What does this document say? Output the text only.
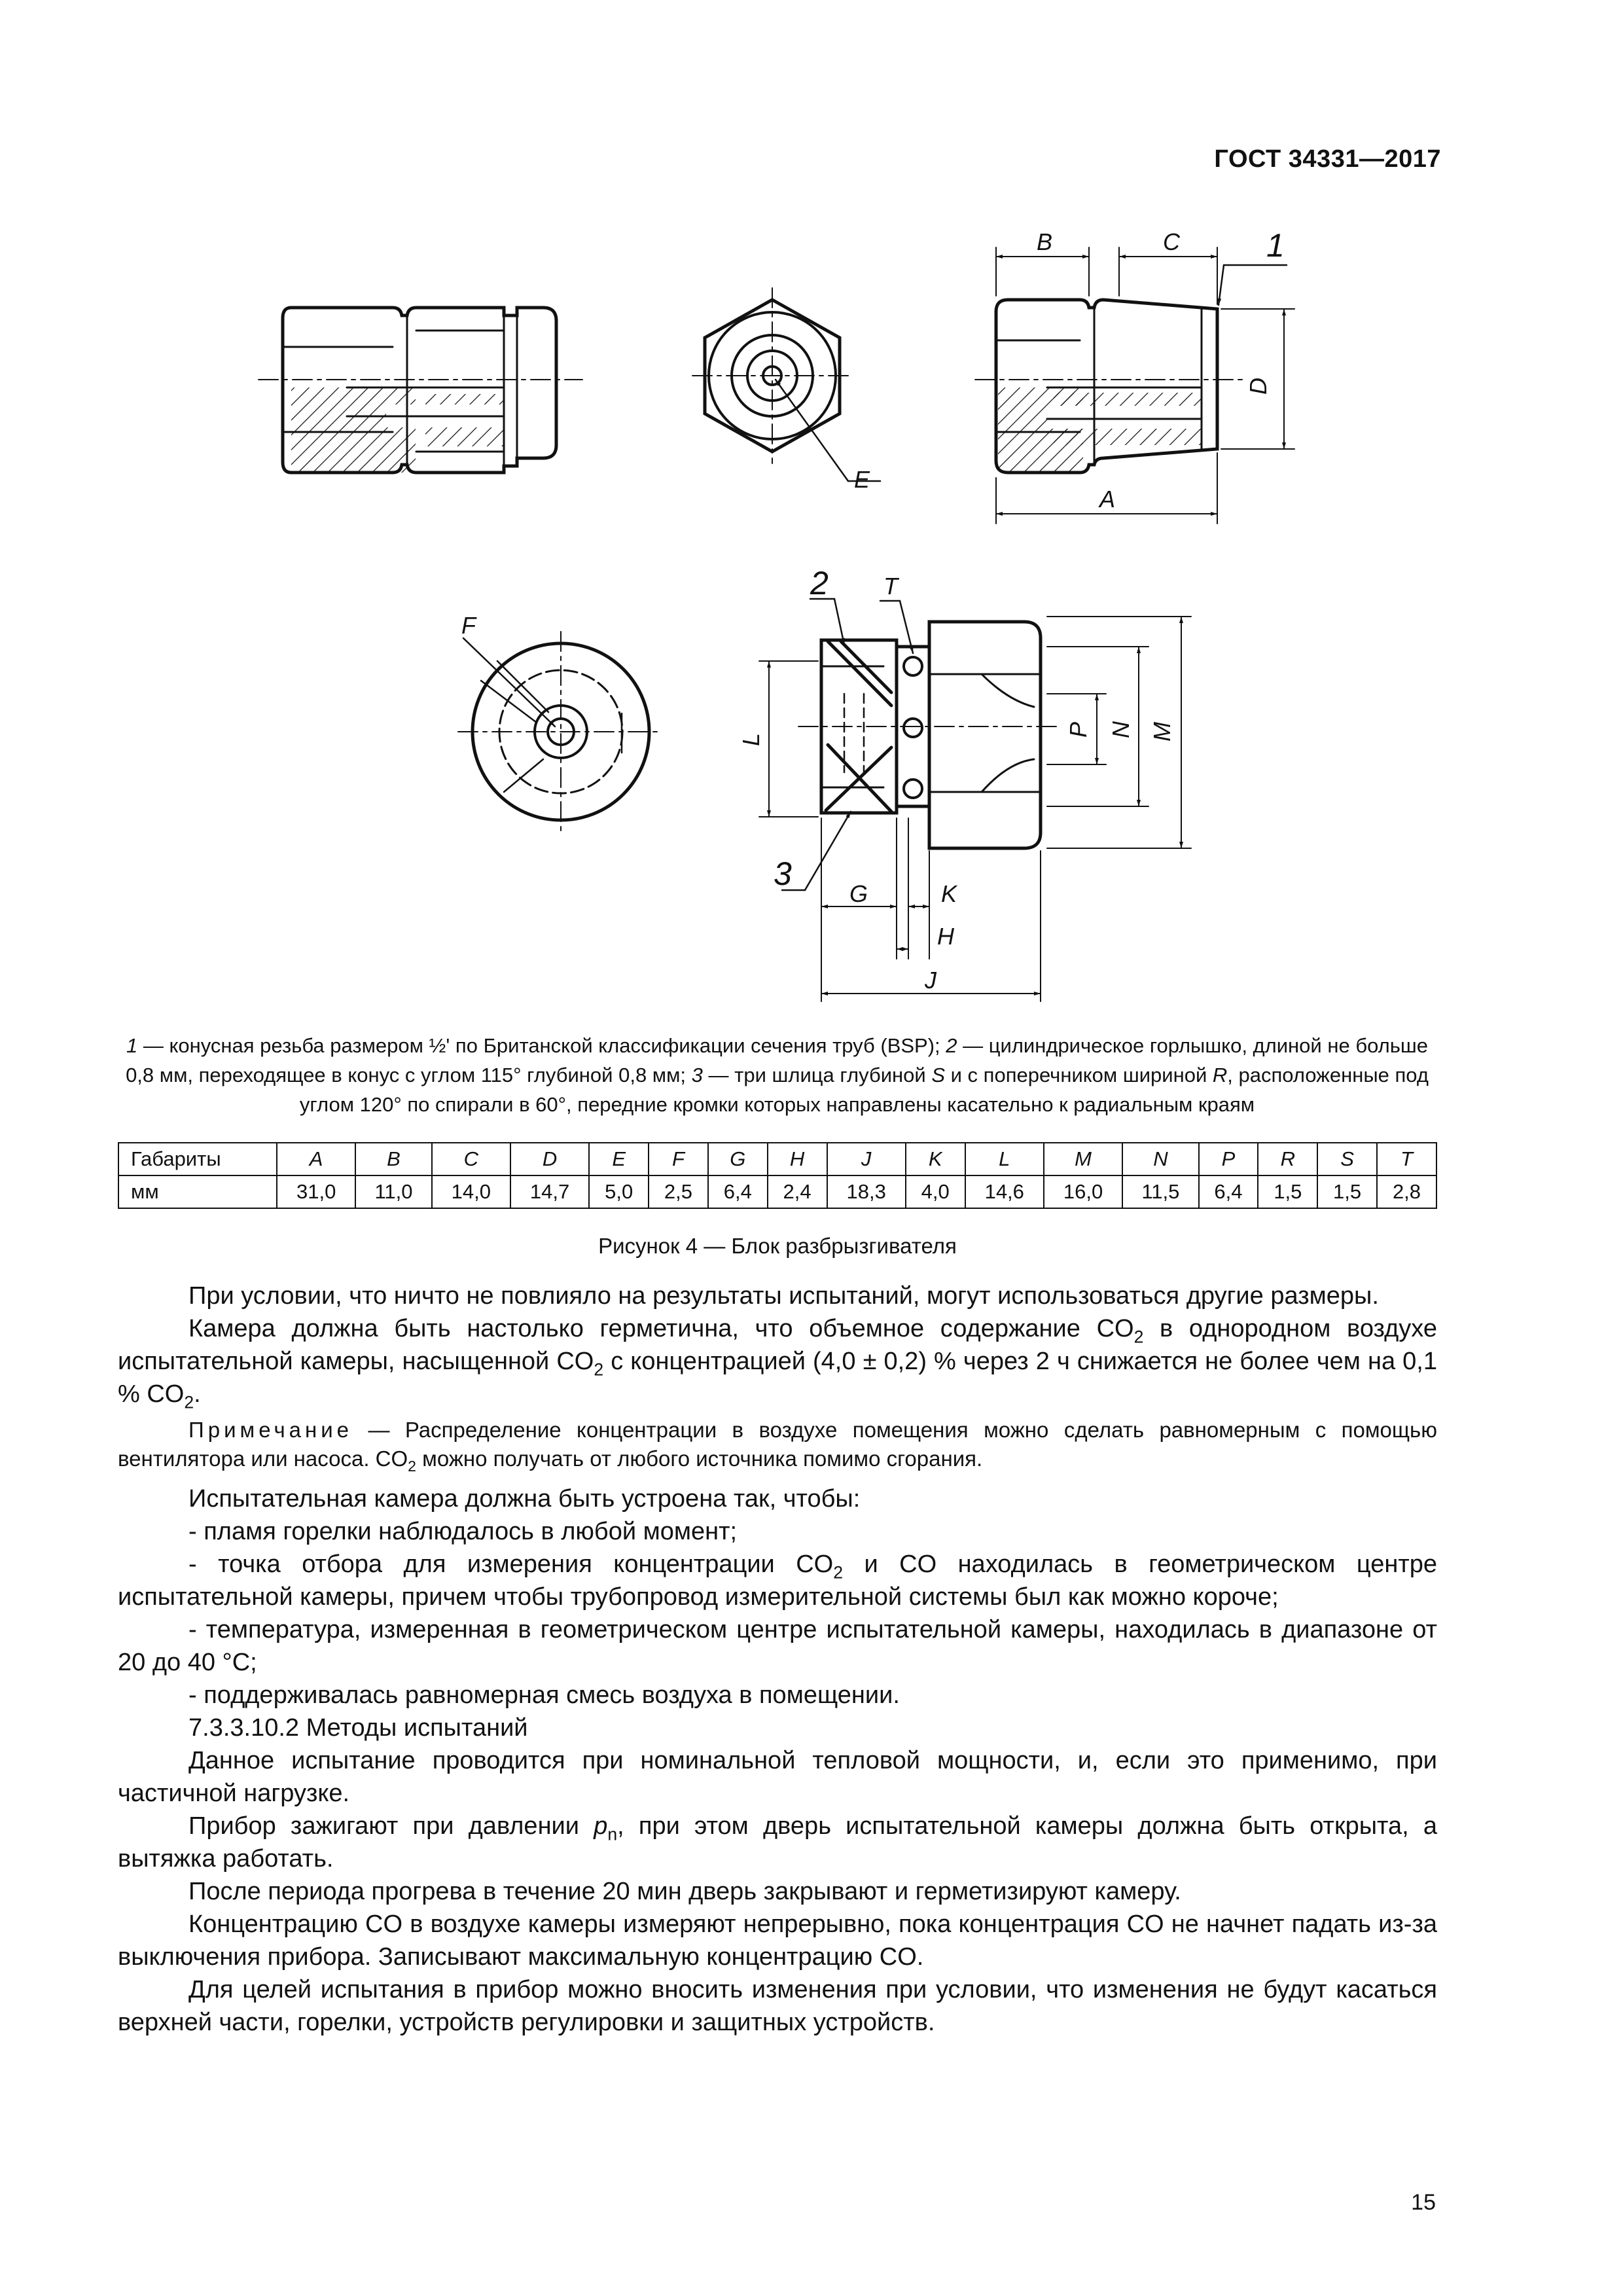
ГОСТ 34331—2017
B	C
A
D
E
F
L
P N M
G	K
H
J
T
1
2
3
1 — конусная резьба размером ½' по Британской классификации сечения труб (BSP); 2 — цилиндрическое горлышко, длиной не больше 0,8 мм, переходящее в конус с углом 115° глубиной 0,8 мм; 3 — три шлица глубиной S и с поперечником шириной R, расположенные под углом 120° по спирали в 60°, передние кромки которых направлены касательно к радиальным краям
Габариты	A	B	C	D	E	F	G	H	J	K	L	M	N	P	R	S	T
мм	31,0	11,0	14,0	14,7	5,0	2,5	6,4	2,4	18,3	4,0	14,6	16,0	11,5	6,4	1,5	1,5	2,8
Рисунок 4 — Блок разбрызгивателя

При условии, что ничто не повлияло на результаты испытаний, могут использоваться другие размеры.

Камера должна быть настолько герметична, что объемное содержание $CO_2$ в однородном воздухе испытательной камеры, насыщенной $CO_2$ с концентрацией (4,0 ± 0,2) % через 2 ч снижается не более чем на 0,1 % $CO_2$.

Примечание — Распределение концентрации в воздухе помещения можно сделать равномерным с помощью вентилятора или насоса. $CO_2$ можно получать от любого источника помимо сгорания.

Испытательная камера должна быть устроена так, чтобы:

- пламя горелки наблюдалось в любой момент;

- точка отбора для измерения концентрации $CO_2$ и CO находилась в геометрическом центре испытательной камеры, причем чтобы трубопровод измерительной системы был как можно короче;

- температура, измеренная в геометрическом центре испытательной камеры, находилась в диапазоне от 20 до 40 °C;

- поддерживалась равномерная смесь воздуха в помещении.

7.3.3.10.2 Методы испытаний

Данное испытание проводится при номинальной тепловой мощности, и, если это применимо, при частичной нагрузке.

Прибор зажигают при давлении $p_n$, при этом дверь испытательной камеры должна быть открыта, а вытяжка работать.

После периода прогрева в течение 20 мин дверь закрывают и герметизируют камеру.

Концентрацию CO в воздухе камеры измеряют непрерывно, пока концентрация CO не начнет падать из-за выключения прибора. Записывают максимальную концентрацию CO.

Для целей испытания в прибор можно вносить изменения при условии, что изменения не будут касаться верхней части, горелки, устройств регулировки и защитных устройств.

15
